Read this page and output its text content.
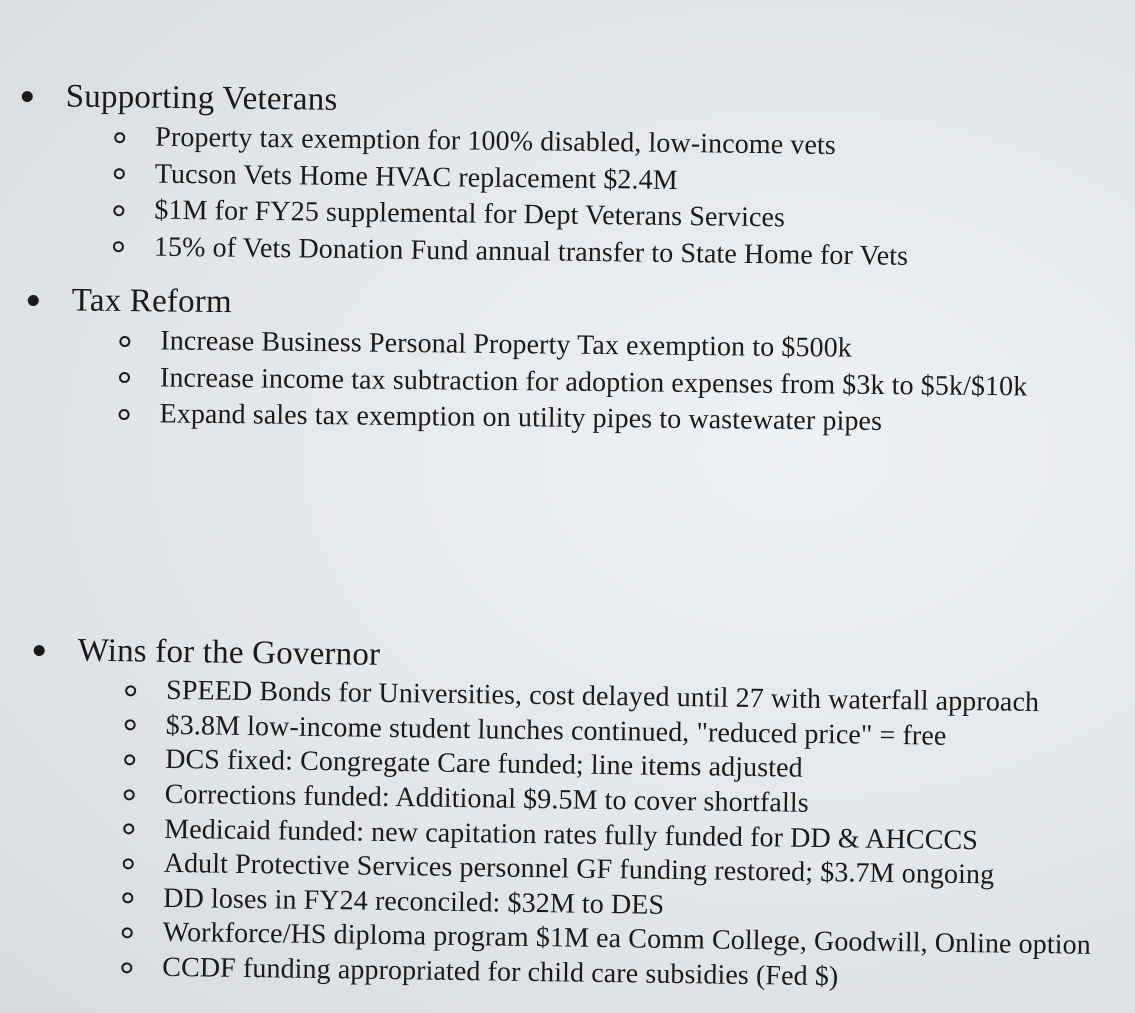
Supporting Veterans
Property tax exemption for 100% disabled, low-income vets
Tucson Vets Home HVAC replacement $2.4M
$1M for FY25 supplemental for Dept Veterans Services
15% of Vets Donation Fund annual transfer to State Home for Vets
Tax Reform
Increase Business Personal Property Tax exemption to $500k
Increase income tax subtraction for adoption expenses from $3k to $5k/$10k
Expand sales tax exemption on utility pipes to wastewater pipes
Wins for the Governor
SPEED Bonds for Universities, cost delayed until 27 with waterfall approach
$3.8M low-income student lunches continued, "reduced price" = free
DCS fixed: Congregate Care funded; line items adjusted
Corrections funded: Additional $9.5M to cover shortfalls
Medicaid funded: new capitation rates fully funded for DD & AHCCCS
Adult Protective Services personnel GF funding restored; $3.7M ongoing
DD loses in FY24 reconciled: $32M to DES
Workforce/HS diploma program $1M ea Comm College, Goodwill, Online option
CCDF funding appropriated for child care subsidies (Fed $)
